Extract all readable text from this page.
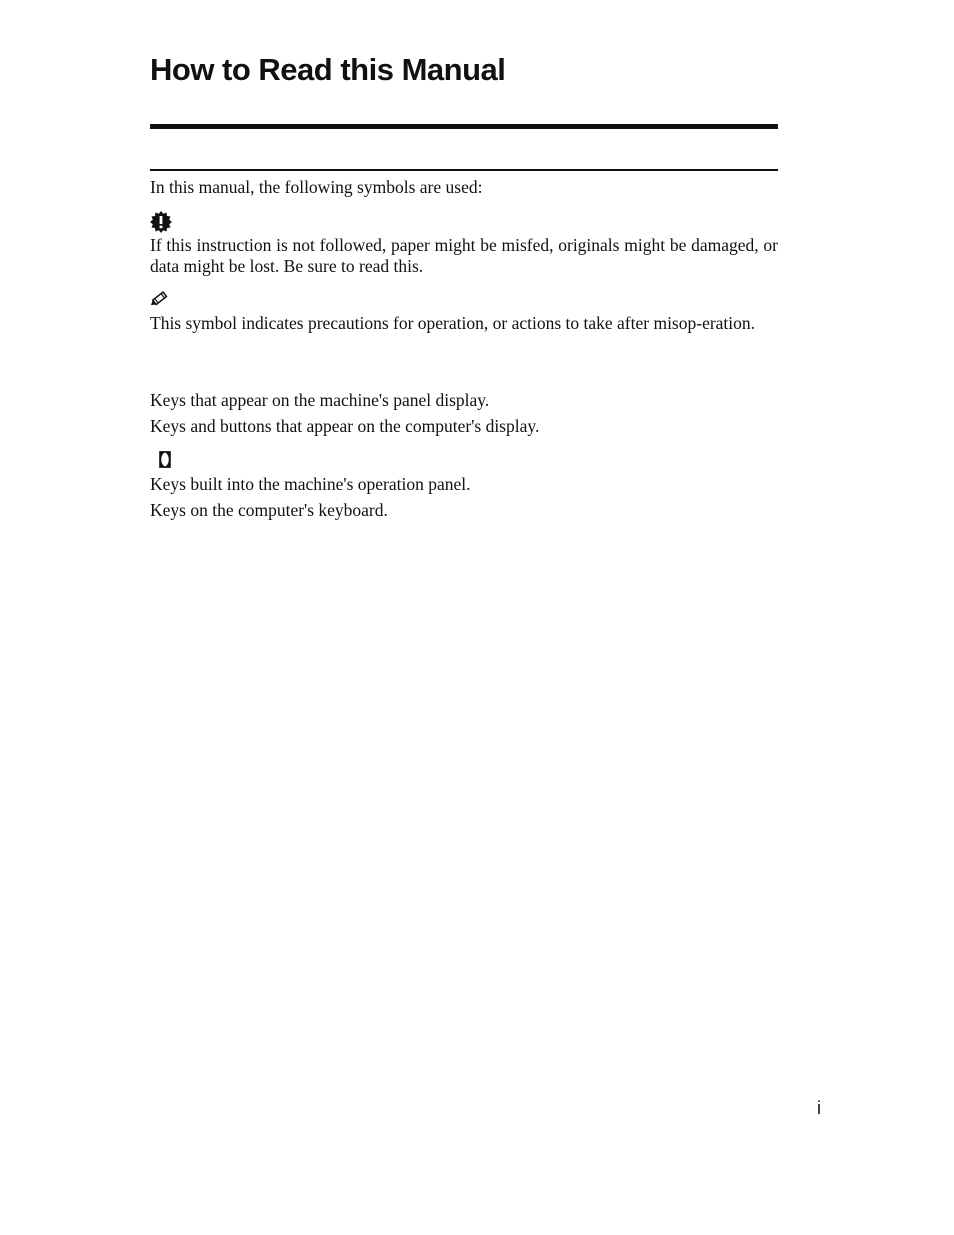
How to Read this Manual

In this manual, the following symbols are used:

If this instruction is not followed, paper might be misfed, originals might be damaged, or data might be lost. Be sure to read this.

This symbol indicates precautions for operation, or actions to take after misop-eration.

Keys that appear on the machine's panel display.

Keys and buttons that appear on the computer's display.

【】

Keys built into the machine's operation panel.

Keys on the computer's keyboard.

i
